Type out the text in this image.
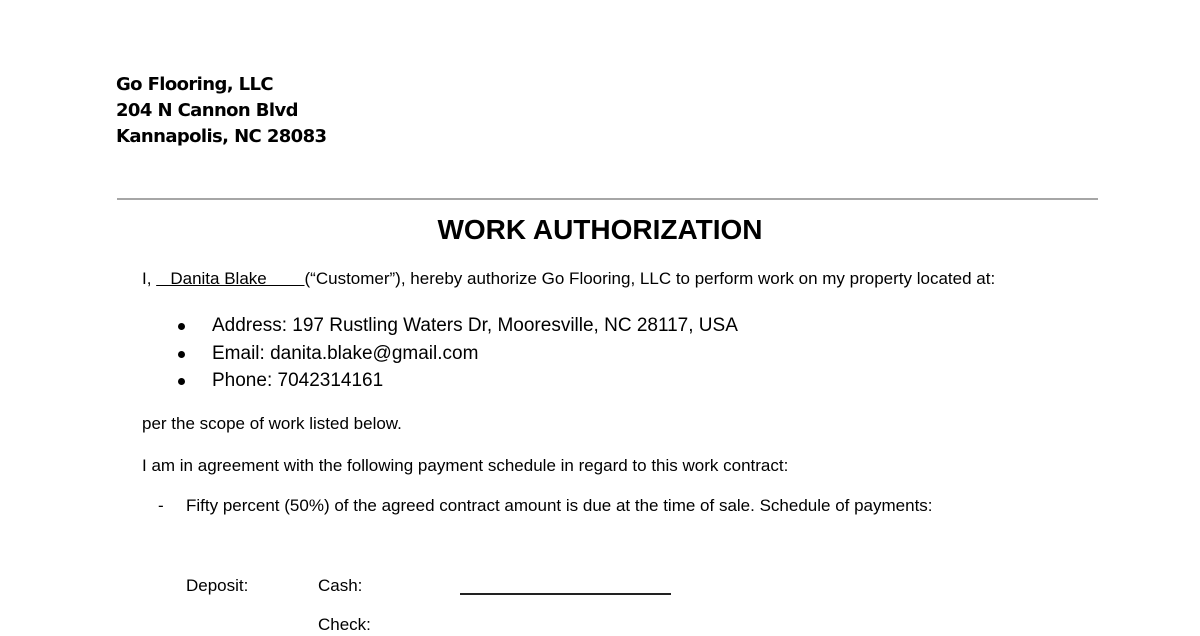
Go Flooring, LLC
204 N Cannon Blvd
Kannapolis, NC 28083
WORK AUTHORIZATION
I,    Danita Blake        (“Customer”), hereby authorize Go Flooring, LLC to perform work on my property located at:
Address: 197 Rustling Waters Dr, Mooresville, NC 28117, USA
Email: danita.blake@gmail.com
Phone: 7042314161
per the scope of work listed below.
I am in agreement with the following payment schedule in regard to this work contract:
- Fifty percent (50%) of the agreed contract amount is due at the time of sale. Schedule of payments:
Deposit:	Cash:
Check:
